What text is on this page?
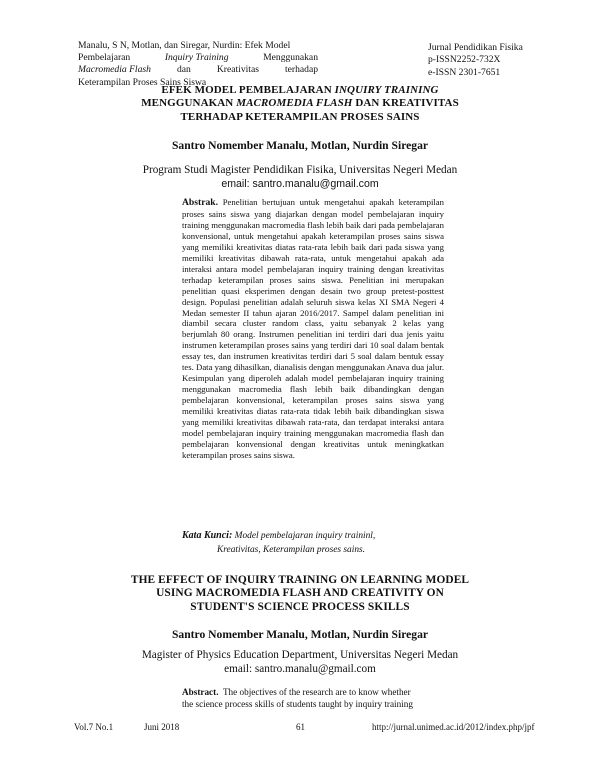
Manalu, S N, Motlan, dan Siregar, Nurdin: Efek Model
Pembelajaran	Inquiry Training	Menggunakan
Macromedia Flash	dan	Kreativitas	terhadap
Keterampilan Proses Sains Siswa
Jurnal Pendidikan Fisika
p-ISSN2252-732X
e-ISSN 2301-7651
EFEK MODEL PEMBELAJARAN INQUIRY TRAINING
MENGGUNAKAN MACROMEDIA FLASH DAN KREATIVITAS
TERHADAP KETERAMPILAN PROSES SAINS
Santro Nomember Manalu, Motlan, Nurdin Siregar
Program Studi Magister Pendidikan Fisika, Universitas Negeri Medan
email: santro.manalu@gmail.com
Abstrak. Penelitian bertujuan untuk mengetahui apakah keterampilan proses sains siswa yang diajarkan dengan model pembelajaran inquiry training menggunakan macromedia flash lebih baik dari pada pembelajaran konvensional, untuk mengetahui apakah keterampilan proses sains siswa yang memiliki kreativitas diatas rata-rata lebih baik dari pada siswa yang memiliki kreativitas dibawah rata-rata, untuk mengetahui apakah ada interaksi antara model pembelajaran inquiry training dengan kreativitas terhadap keterampilan proses sains siswa. Penelitian ini merupakan penelitian quasi eksperimen dengan desain two group pretest-posttest design. Populasi penelitian adalah seluruh siswa kelas XI SMA Negeri 4 Medan semester II tahun ajaran 2016/2017. Sampel dalam penelitian ini diambil secara cluster random class, yaitu sebanyak 2 kelas yang berjumlah 80 orang. Instrumen penelitian ini terdiri dari dua jenis yaitu instrumen keterampilan proses sains yang terdiri dari 10 soal dalam bentak essay tes, dan instrumen kreativitas terdiri dari 5 soal dalam bentuk essay tes. Data yang dihasilkan, dianalisis dengan menggunakan Anava dua jalur. Kesimpulan yang diperoleh adalah model pembelajaran inquiry training menggunakan macromedia flash lebih baik dibandingkan dengan pembelajaran konvensional, keterampilan proses sains siswa yang memiliki kreativitas diatas rata-rata tidak lebih baik dibandingkan siswa yang memiliki kreativitas dibawah rata-rata, dan terdapat interaksi antara model pembelajaran inquiry training menggunakan macromedia flash dan pembelajaran konvensional dengan kreativitas untuk meningkatkan keterampilan proses sains siswa.
Kata Kunci: Model pembelajaran inquiry traininl,
Kreativitas, Keterampilan proses sains.
THE EFFECT OF INQUIRY TRAINING ON LEARNING MODEL
USING MACROMEDIA FLASH AND CREATIVITY ON
STUDENT'S SCIENCE PROCESS SKILLS
Santro Nomember Manalu, Motlan, Nurdin Siregar
Magister of Physics Education Department, Universitas Negeri Medan
email: santro.manalu@gmail.com
Abstract. The objectives of the research are to know whether
the science process skills of students taught by inquiry training
Vol.7 No.1	Juni 2018	61	http://jurnal.unimed.ac.id/2012/index.php/jpf
